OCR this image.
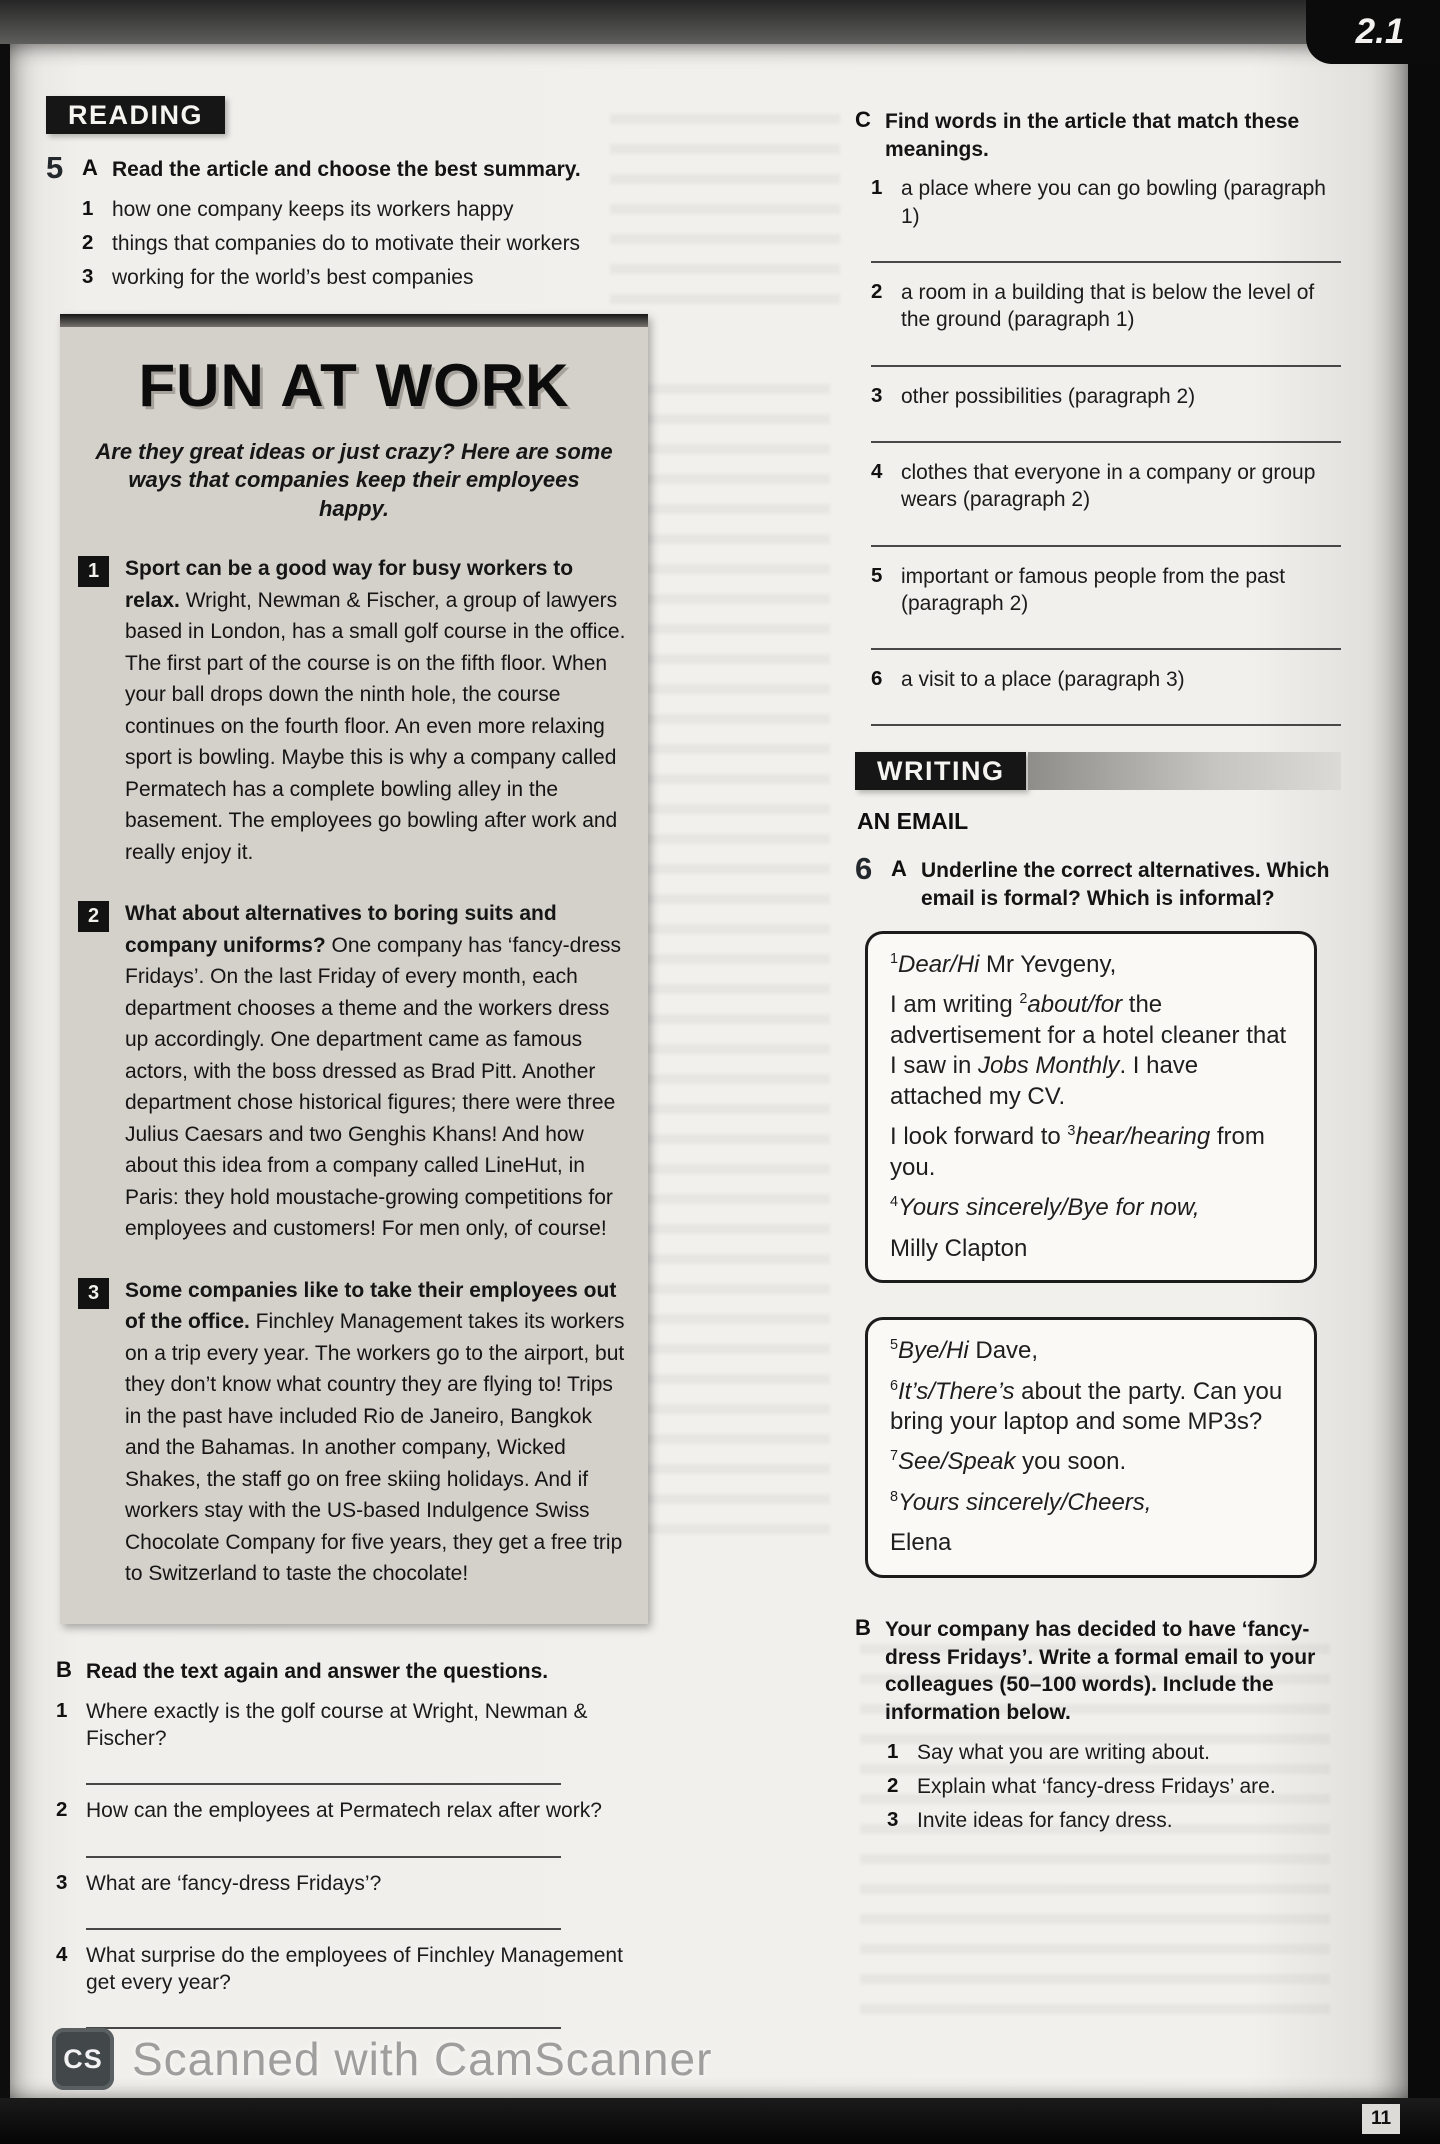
2.1
READING
5 A Read the article and choose the best summary.
1 how one company keeps its workers happy
2 things that companies do to motivate their workers
3 working for the world’s best companies
FUN AT WORK

Are they great ideas or just crazy? Here are some ways that companies keep their employees happy.

1	Sport can be a good way for busy workers to relax. Wright, Newman & Fischer, a group of lawyers based in London, has a small golf course in the office. The first part of the course is on the fifth floor. When your ball drops down the ninth hole, the course continues on the fourth floor. An even more relaxing sport is bowling. Maybe this is why a company called Permatech has a complete bowling alley in the basement. The employees go bowling after work and really enjoy it.
2	What about alternatives to boring suits and company uniforms? One company has ‘fancy-dress Fridays’. On the last Friday of every month, each department chooses a theme and the workers dress up accordingly. One department came as famous actors, with the boss dressed as Brad Pitt. Another department chose historical figures; there were three Julius Caesars and two Genghis Khans! And how about this idea from a company called LineHut, in Paris: they hold moustache-growing competitions for employees and customers! For men only, of course!
3	Some companies like to take their employees out of the office. Finchley Management takes its workers on a trip every year. The workers go to the airport, but they don’t know what country they are flying to! Trips in the past have included Rio de Janeiro, Bangkok and the Bahamas. In another company, Wicked Shakes, the staff go on free skiing holidays. And if workers stay with the US-based Indulgence Swiss Chocolate Company for five years, they get a free trip to Switzerland to taste the chocolate!
B Read the text again and answer the questions.
1 Where exactly is the golf course at Wright, Newman & Fischer?
2 How can the employees at Permatech relax after work?
3 What are ‘fancy-dress Fridays’?
4 What surprise do the employees of Finchley Management get every year?
C Find words in the article that match these meanings.
1 a place where you can go bowling (paragraph 1)
2 a room in a building that is below the level of the ground (paragraph 1)
3 other possibilities (paragraph 2)
4 clothes that everyone in a company or group wears (paragraph 2)
5 important or famous people from the past (paragraph 2)
6 a visit to a place (paragraph 3)
WRITING
AN EMAIL
6 A Underline the correct alternatives. Which email is formal? Which is informal?
$^1$Dear/Hi Mr Yevgeny,
I am writing $^2$about/for the advertisement for a hotel cleaner that I saw in Jobs Monthly. I have attached my CV.
I look forward to $^3$hear/hearing from you.
$^4$Yours sincerely/Bye for now,
Milly Clapton
$^5$Bye/Hi Dave,
$^6$It’s/There’s about the party. Can you bring your laptop and some MP3s?
$^7$See/Speak you soon.
$^8$Yours sincerely/Cheers,
Elena
B Your company has decided to have ‘fancy-dress Fridays’. Write a formal email to your colleagues (50–100 words). Include the information below.
1 Say what you are writing about.
2 Explain what ‘fancy-dress Fridays’ are.
3 Invite ideas for fancy dress.
CS Scanned with CamScanner
11
